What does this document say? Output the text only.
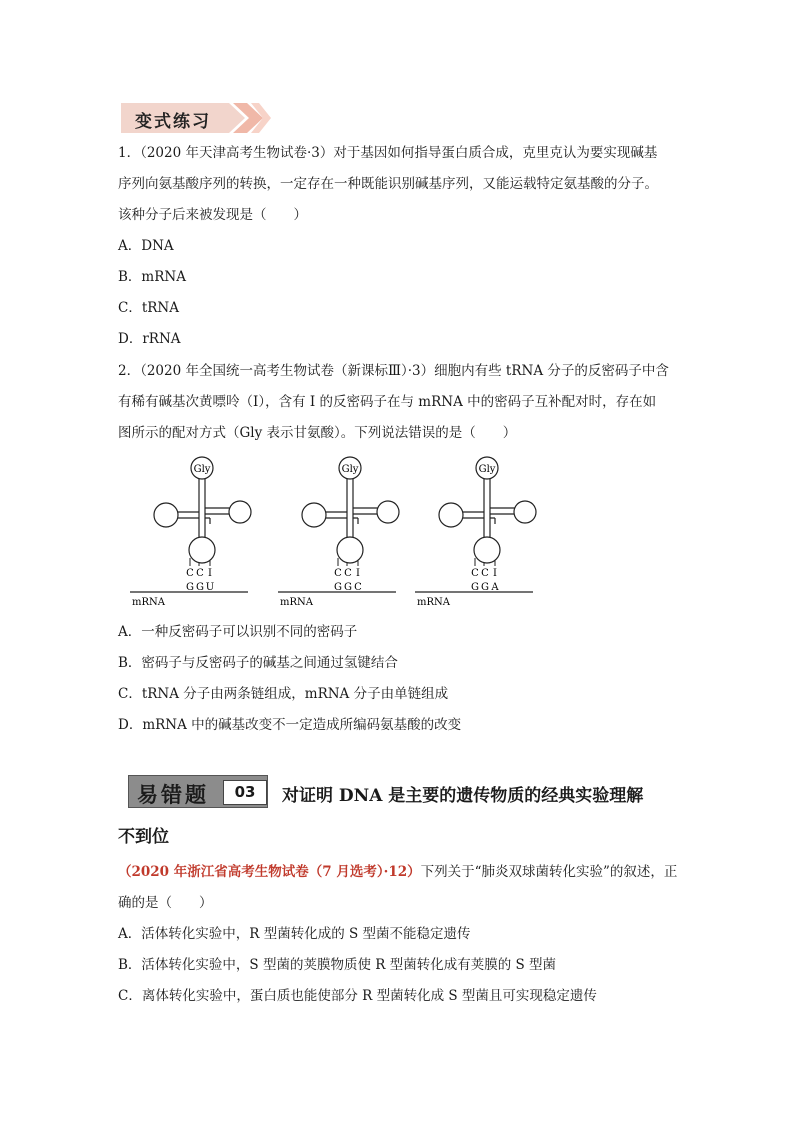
变式练习
1．（2020 年天津高考生物试卷·3）对于基因如何指导蛋白质合成，克里克认为要实现碱基
序列向氨基酸序列的转换，一定存在一种既能识别碱基序列，又能运载特定氨基酸的分子。
该种分子后来被发现是（　　）
A．DNA
B．mRNA
C．tRNA
D．rRNA
2．（2020 年全国统一高考生物试卷（新课标Ⅲ）·3）细胞内有些 tRNA 分子的反密码子中含
有稀有碱基次黄嘌呤（I），含有 I 的反密码子在与 mRNA 中的密码子互补配对时，存在如
图所示的配对方式（Gly 表示甘氨酸）。下列说法错误的是（　　）
Gly
C C I
G G U
mRNA
Gly
C C I
G G C
mRNA
Gly
C C I
G G A
mRNA
A．一种反密码子可以识别不同的密码子
B．密码子与反密码子的碱基之间通过氢键结合
C．tRNA 分子由两条链组成，mRNA 分子由单链组成
D．mRNA 中的碱基改变不一定造成所编码氨基酸的改变
易错题	03	对证明 DNA 是主要的遗传物质的经典实验理解
不到位
（2020 年浙江省高考生物试卷（7 月选考）·12）下列关于“肺炎双球菌转化实验”的叙述，正
确的是（　　）
A．活体转化实验中，R 型菌转化成的 S 型菌不能稳定遗传
B．活体转化实验中，S 型菌的荚膜物质使 R 型菌转化成有荚膜的 S 型菌
C．离体转化实验中，蛋白质也能使部分 R 型菌转化成 S 型菌且可实现稳定遗传
